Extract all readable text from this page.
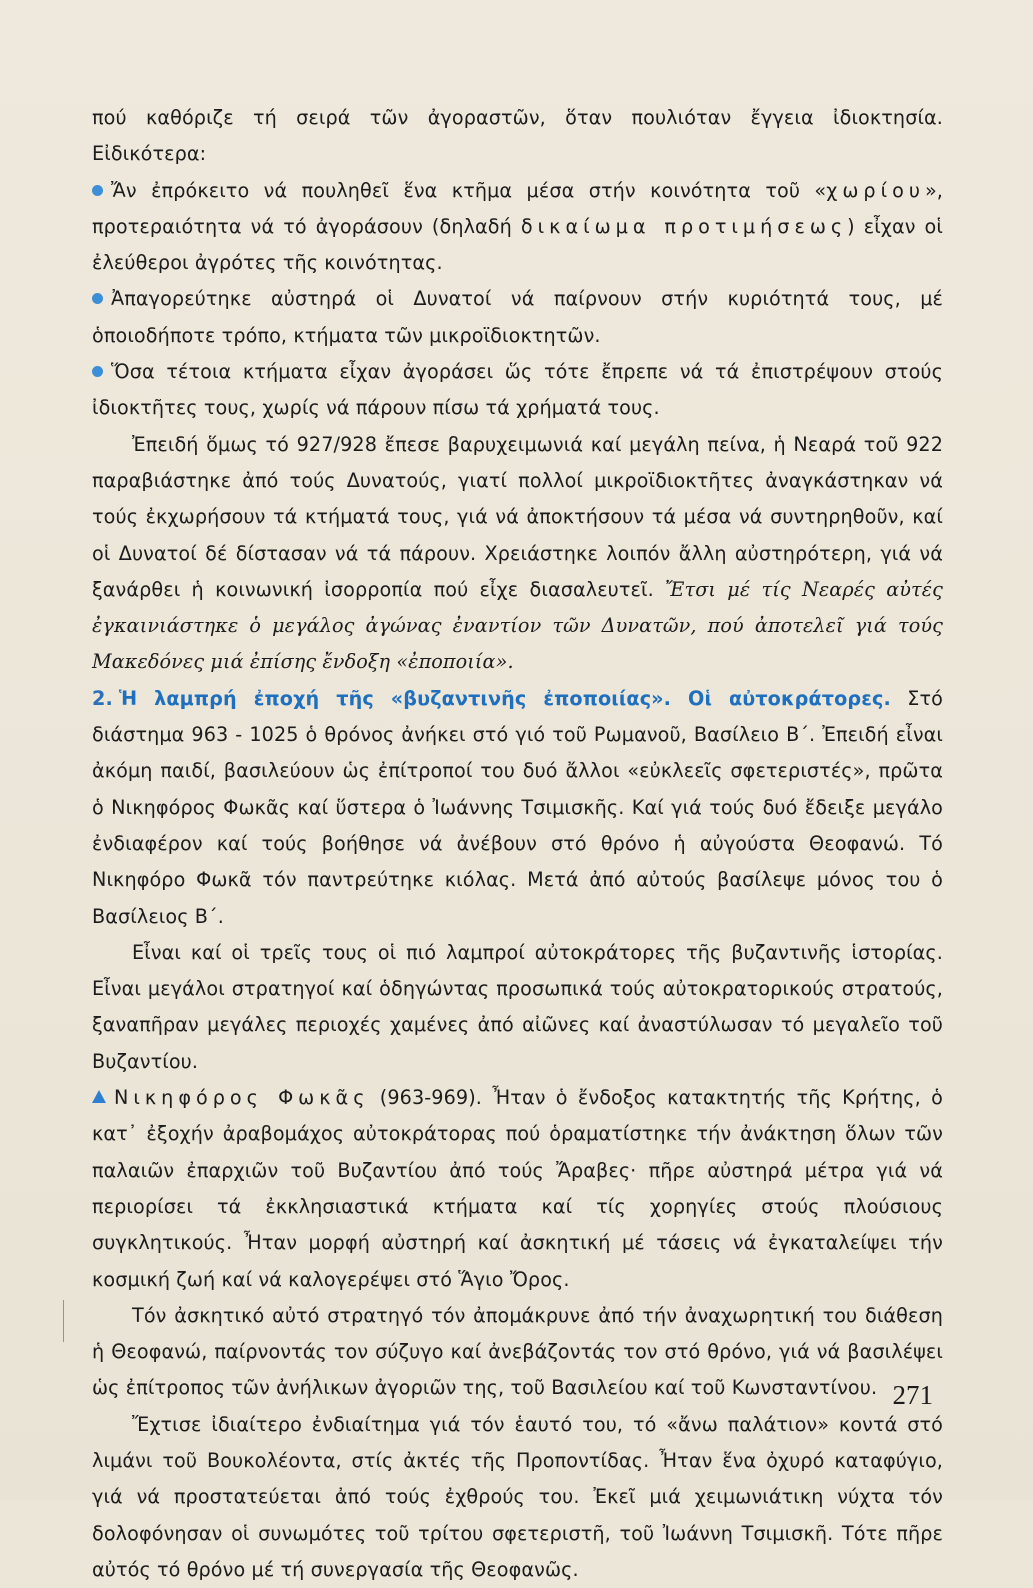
πού καθόριζε τή σειρά τῶν ἀγοραστῶν, ὅταν πουλιόταν ἔγγεια ἰδιοκτησία. Εἰδικότερα:

Ἄν ἐπρόκειτο νά πουληθεῖ ἕνα κτῆμα μέσα στήν κοινότητα τοῦ «χωρίου», προτεραιότητα νά τό ἀγοράσουν (δηλαδή δικαίωμα προτιμήσεως) εἶχαν οἱ ἐλεύθεροι ἀγρότες τῆς κοινότητας.

Ἀπαγορεύτηκε αὐστηρά οἱ Δυνατοί νά παίρνουν στήν κυριότητά τους, μέ ὁποιοδήποτε τρόπο, κτήματα τῶν μικροϊδιοκτητῶν.

Ὅσα τέτοια κτήματα εἶχαν ἀγοράσει ὥς τότε ἔπρεπε νά τά ἐπιστρέψουν στούς ἰδιοκτῆτες τους, χωρίς νά πάρουν πίσω τά χρήματά τους.

Ἐπειδή ὅμως τό 927/928 ἔπεσε βαρυχειμωνιά καί μεγάλη πείνα, ἡ Νεαρά τοῦ 922 παραβιάστηκε ἀπό τούς Δυνατούς, γιατί πολλοί μικροϊδιοκτῆτες ἀναγκάστηκαν νά τούς ἐκχωρήσουν τά κτήματά τους, γιά νά ἀποκτήσουν τά μέσα νά συντηρηθοῦν, καί οἱ Δυνατοί δέ δίστασαν νά τά πάρουν. Χρειάστηκε λοιπόν ἄλλη αὐστηρότερη, γιά νά ξανάρθει ἡ κοινωνική ἰσορροπία πού εἶχε διασαλευτεῖ. Ἔτσι μέ τίς Νεαρές αὐτές ἐγκαινιάστηκε ὁ μεγάλος ἀγώνας ἐναντίον τῶν Δυνατῶν, πού ἀποτελεῖ γιά τούς Μακεδόνες μιά ἐπίσης ἔνδοξη «ἐποποιία».

2. Ἡ λαμπρή ἐποχή τῆς «βυζαντινῆς ἐποποιίας». Οἱ αὐτοκράτορες. Στό διάστημα 963 - 1025 ὁ θρόνος ἀνήκει στό γιό τοῦ Ρωμανοῦ, Βασίλειο Β΄. Ἐπειδή εἶναι ἀκόμη παιδί, βασιλεύουν ὡς ἐπίτροποί του δυό ἄλλοι «εὐκλεεῖς σφετεριστές», πρῶτα ὁ Νικηφόρος Φωκᾶς καί ὕστερα ὁ Ἰωάννης Τσιμισκῆς. Καί γιά τούς δυό ἔδειξε μεγάλο ἐνδιαφέρον καί τούς βοήθησε νά ἀνέβουν στό θρόνο ἡ αὐγούστα Θεοφανώ. Τό Νικηφόρο Φωκᾶ τόν παντρεύτηκε κιόλας. Μετά ἀπό αὐτούς βασίλεψε μόνος του ὁ Βασίλειος Β΄.

Εἶναι καί οἱ τρεῖς τους οἱ πιό λαμπροί αὐτοκράτορες τῆς βυζαντινῆς ἱστορίας. Εἶναι μεγάλοι στρατηγοί καί ὁδηγώντας προσωπικά τούς αὐτοκρατορικούς στρατούς, ξαναπῆραν μεγάλες περιοχές χαμένες ἀπό αἰῶνες καί ἀναστύλωσαν τό μεγαλεῖο τοῦ Βυζαντίου.

Νικηφόρος Φωκᾶς (963-969). Ἦταν ὁ ἔνδοξος κατακτητής τῆς Κρήτης, ὁ κατ᾿ ἐξοχήν ἀραβομάχος αὐτοκράτορας πού ὁραματίστηκε τήν ἀνάκτηση ὅλων τῶν παλαιῶν ἐπαρχιῶν τοῦ Βυζαντίου ἀπό τούς Ἄραβες· πῆρε αὐστηρά μέτρα γιά νά περιορίσει τά ἐκκλησιαστικά κτήματα καί τίς χορηγίες στούς πλούσιους συγκλητικούς. Ἦταν μορφή αὐστηρή καί ἀσκητική μέ τάσεις νά ἐγκαταλείψει τήν κοσμική ζωή καί νά καλογερέψει στό Ἅγιο Ὄρος.

Τόν ἀσκητικό αὐτό στρατηγό τόν ἀπομάκρυνε ἀπό τήν ἀναχωρητική του διάθεση ἡ Θεοφανώ, παίρνοντάς τον σύζυγο καί ἀνεβάζοντάς τον στό θρόνο, γιά νά βασιλέψει ὡς ἐπίτροπος τῶν ἀνήλικων ἀγοριῶν της, τοῦ Βασιλείου καί τοῦ Κωνσταντίνου.

Ἔχτισε ἰδιαίτερο ἐνδιαίτημα γιά τόν ἑαυτό του, τό «ἄνω παλάτιον» κοντά στό λιμάνι τοῦ Βουκολέοντα, στίς ἀκτές τῆς Προποντίδας. Ἦταν ἕνα ὀχυρό καταφύγιο, γιά νά προστατεύεται ἀπό τούς ἐχθρούς του. Ἐκεῖ μιά χειμωνιάτικη νύχτα τόν δολοφόνησαν οἱ συνωμότες τοῦ τρίτου σφετεριστῆ, τοῦ Ἰωάννη Τσιμισκῆ. Τότε πῆρε αὐτός τό θρόνο μέ τή συνεργασία τῆς Θεοφανῶς.

271
